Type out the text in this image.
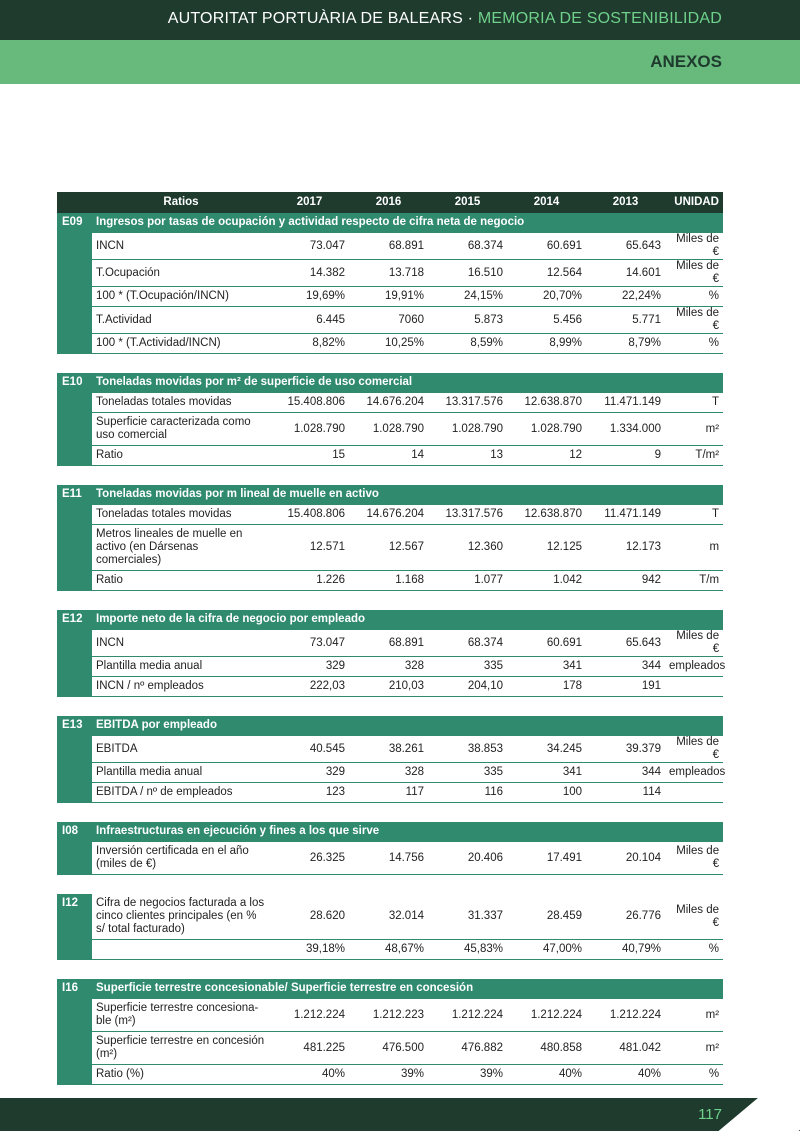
AUTORITAT PORTUÀRIA DE BALEARS · MEMORIA DE SOSTENIBILIDAD
ANEXOS
	Ratios	2017	2016	2015	2014	2013	UNIDAD
E09	Ingresos por tasas de ocupación y actividad respecto de cifra neta de negocio						
	INCN	73.047	68.891	68.374	60.691	65.643	Miles de €
	T.Ocupación	14.382	13.718	16.510	12.564	14.601	Miles de €
	100 * (T.Ocupación/INCN)	19,69%	19,91%	24,15%	20,70%	22,24%	%
	T.Actividad	6.445	7060	5.873	5.456	5.771	Miles de €
	100 * (T.Actividad/INCN)	8,82%	10,25%	8,59%	8,99%	8,79%	%
E10	Toneladas movidas por m² de superficie de uso comercial						
	Toneladas totales movidas	15.408.806	14.676.204	13.317.576	12.638.870	11.471.149	T
	Superficie caracterizada como uso comercial	1.028.790	1.028.790	1.028.790	1.028.790	1.334.000	m²
	Ratio	15	14	13	12	9	T/m²
E11	Toneladas movidas por m lineal de muelle en activo						
	Toneladas totales movidas	15.408.806	14.676.204	13.317.576	12.638.870	11.471.149	T
	Metros lineales de muelle en activo (en Dársenas comerciales)	12.571	12.567	12.360	12.125	12.173	m
	Ratio	1.226	1.168	1.077	1.042	942	T/m
E12	Importe neto de la cifra de negocio por empleado						
	INCN	73.047	68.891	68.374	60.691	65.643	Miles de €
	Plantilla media anual	329	328	335	341	344	empleados
	INCN / nº empleados	222,03	210,03	204,10	178	191	
E13	EBITDA por empleado						
	EBITDA	40.545	38.261	38.853	34.245	39.379	Miles de €
	Plantilla media anual	329	328	335	341	344	empleados
	EBITDA / nº de empleados	123	117	116	100	114	
I08	Infraestructuras en ejecución y fines a los que sirve						
	Inversión certificada en el año (miles de €)	26.325	14.756	20.406	17.491	20.104	Miles de €
I12	Cifra de negocios facturada a los cinco clientes principales (en % s/ total facturado)	28.620	32.014	31.337	28.459	26.776	Miles de €
		39,18%	48,67%	45,83%	47,00%	40,79%	%
I16	Superficie terrestre concesionable/ Superficie terrestre en concesión						
	Superficie terrestre concesiona-ble (m²)	1.212.224	1.212.223	1.212.224	1.212.224	1.212.224	m²
	Superficie terrestre en concesión (m²)	481.225	476.500	476.882	480.858	481.042	m²
	Ratio (%)	40%	39%	39%	40%	40%	%
117
